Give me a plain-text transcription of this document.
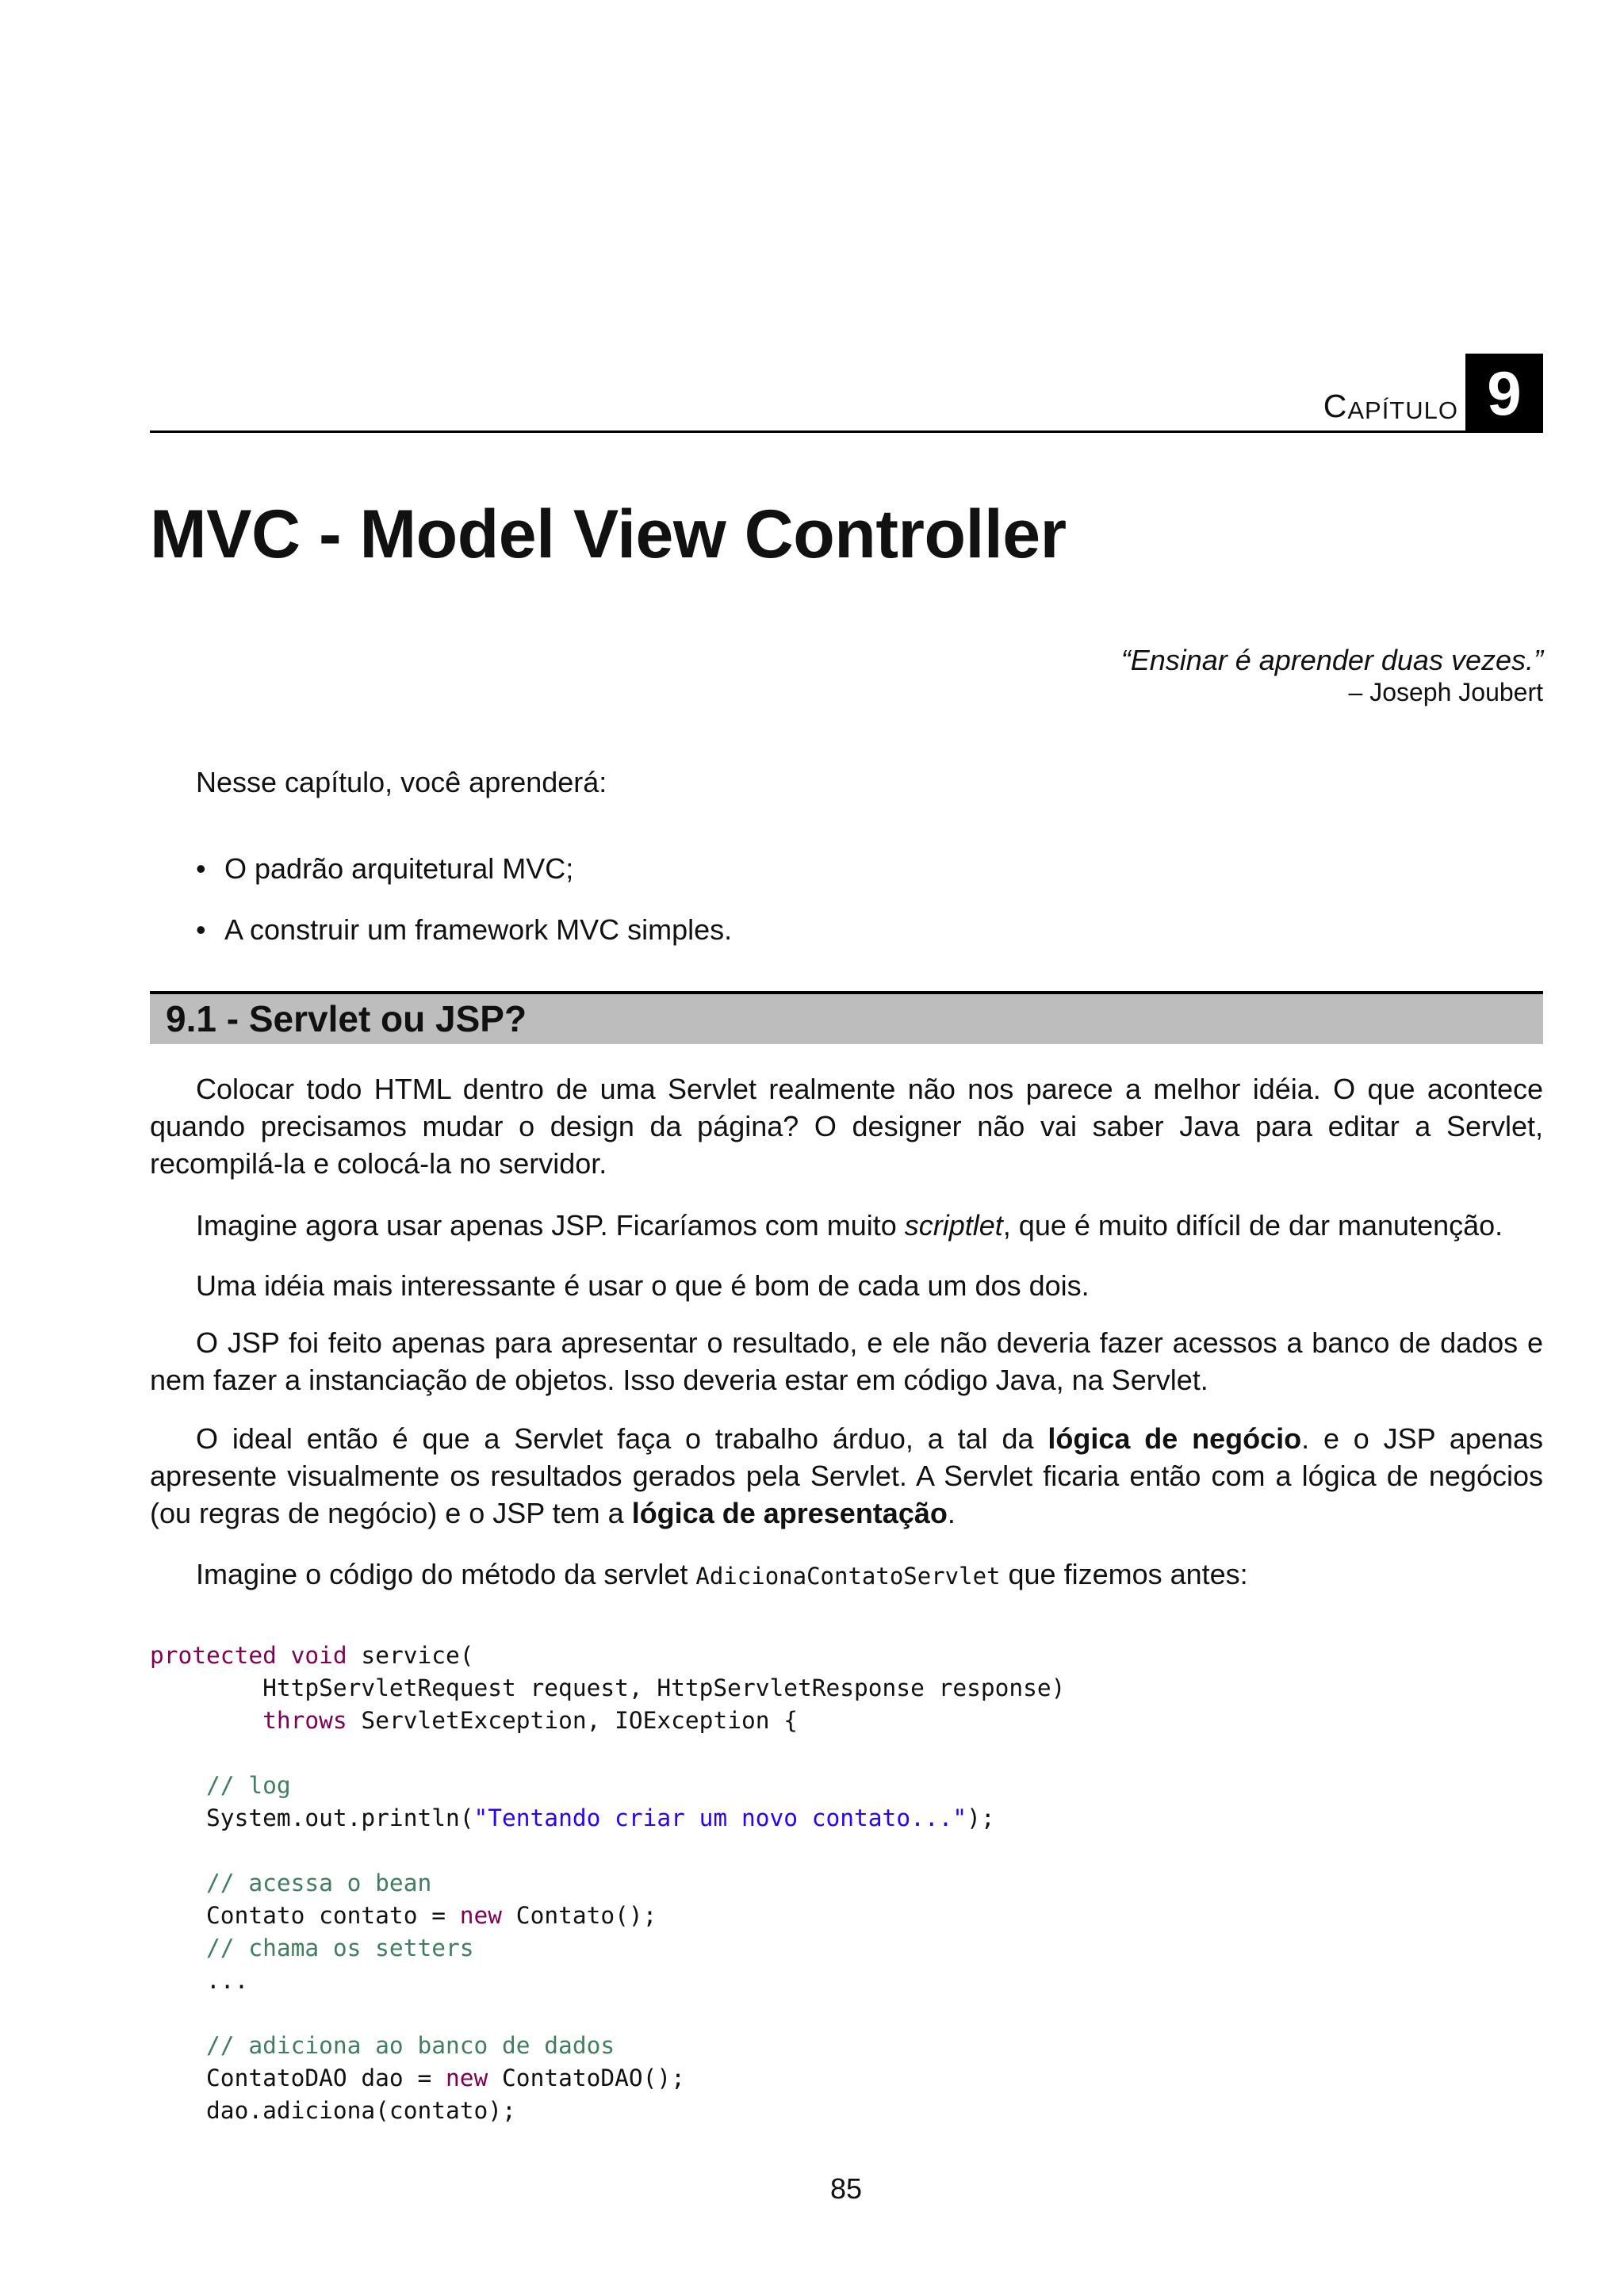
C APÍTULO 9
MVC - Model View Controller
“Ensinar é aprender duas vezes.”
– Joseph Joubert
Nesse capítulo, você aprenderá:
• O padrão arquitetural MVC;
• A construir um framework MVC simples.
9.1 - Servlet ou JSP?

Colocar todo HTML dentro de uma Servlet realmente não nos parece a melhor idéia. O que acontece quando precisamos mudar o design da página? O designer não vai saber Java para editar a Servlet, recompilá-la e colocá-la no servidor.

Imagine agora usar apenas JSP. Ficaríamos com muito scriptlet, que é muito difícil de dar manutenção.

Uma idéia mais interessante é usar o que é bom de cada um dos dois.

O JSP foi feito apenas para apresentar o resultado, e ele não deveria fazer acessos a banco de dados e nem fazer a instanciação de objetos. Isso deveria estar em código Java, na Servlet.

O ideal então é que a Servlet faça o trabalho árduo, a tal da lógica de negócio. e o JSP apenas apresente visualmente os resultados gerados pela Servlet. A Servlet ficaria então com a lógica de negócios (ou regras de negócio) e o JSP tem a lógica de apresentação.

Imagine o código do método da servlet AdicionaContatoServlet que fizemos antes:

protected void service(
HttpServletRequest request, HttpServletResponse response)
throws ServletException, IOException {

// log
System.out.println("Tentando criar um novo contato...");

// acessa o bean
Contato contato = new Contato();
// chama os setters
...

// adiciona ao banco de dados
ContatoDAO dao = new ContatoDAO();
dao.adiciona(contato);
85
